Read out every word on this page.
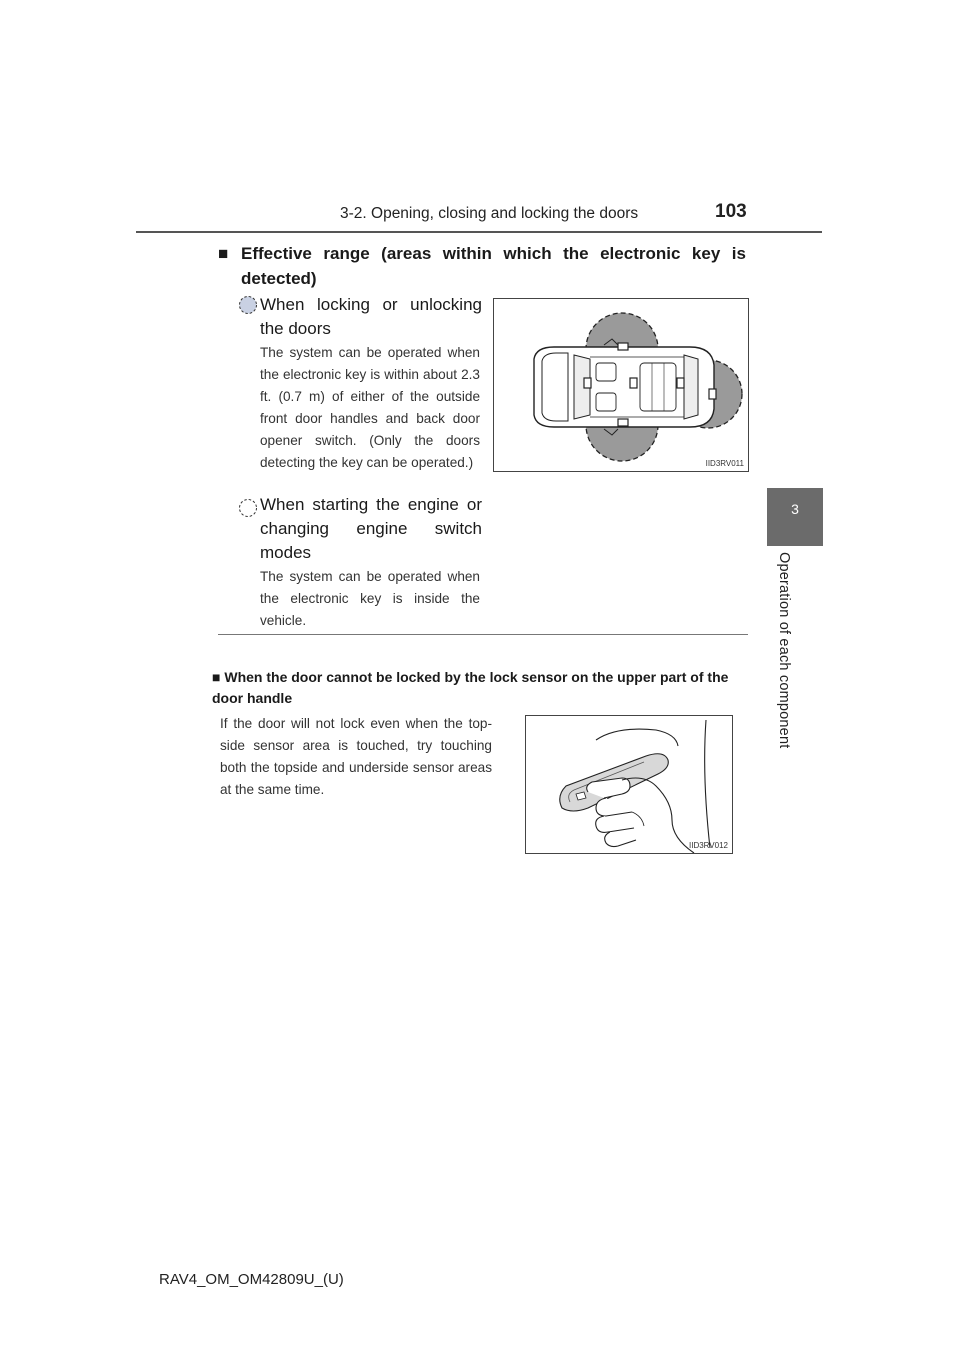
3-2. Opening, closing and locking the doors	103
3
Operation of each component
■ Effective range (areas within which the electronic key is detected)
When locking or unlocking the doors
The system can be operated when the electronic key is within about 2.3 ft. (0.7 m) of either of the outside front door handles and back door opener switch. (Only the doors detecting the key can be operated.)
When starting the engine or changing engine switch modes
The system can be operated when the electronic key is inside the vehicle.
IID3RV011
■ When the door cannot be locked by the lock sensor on the upper part of the door handle
If the door will not lock even when the top-side sensor area is touched, try touching both the topside and underside sensor areas at the same time.
IID3RV012
RAV4_OM_OM42809U_(U)
